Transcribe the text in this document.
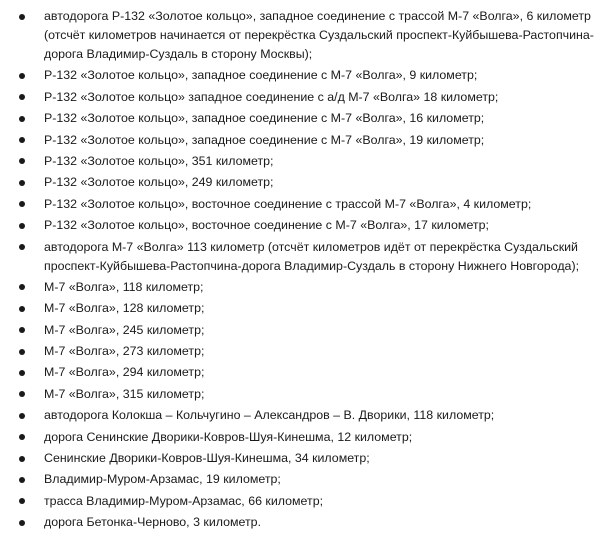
автодорога Р-132 «Золотое кольцо», западное соединение с трассой М-7 «Волга», 6 километр (отсчёт километров начинается от перекрёстка Суздальский проспект-Куйбышева-Растопчина-дорога Владимир-Суздаль в сторону Москвы);
Р-132 «Золотое кольцо», западное соединение с М-7 «Волга», 9 километр;
Р-132 «Золотое кольцо» западное соединение с а/д М-7 «Волга» 18 километр;
Р-132 «Золотое кольцо», западное соединение с М-7 «Волга», 16 километр;
Р-132 «Золотое кольцо», западное соединение с М-7 «Волга», 19 километр;
Р-132 «Золотое кольцо», 351 километр;
Р-132 «Золотое кольцо», 249 километр;
Р-132 «Золотое кольцо», восточное соединение с трассой М-7 «Волга», 4 километр;
Р-132 «Золотое кольцо», восточное соединение с М-7 «Волга», 17 километр;
автодорога М-7 «Волга» 113 километр (отсчёт километров идёт от перекрёстка Суздальский проспект-Куйбышева-Растопчина-дорога Владимир-Суздаль в сторону Нижнего Новгорода);
М-7 «Волга», 118 километр;
М-7 «Волга», 128 километр;
М-7 «Волга», 245 километр;
М-7 «Волга», 273 километр;
М-7 «Волга», 294 километр;
М-7 «Волга», 315 километр;
автодорога Колокша – Кольчугино – Александров – В. Дворики, 118 километр;
дорога Сенинские Дворики-Ковров-Шуя-Кинешма, 12 километр;
Сенинские Дворики-Ковров-Шуя-Кинешма, 34 километр;
Владимир-Муром-Арзамас, 19 километр;
трасса Владимир-Муром-Арзамас, 66 километр;
дорога Бетонка-Черново, 3 километр.
